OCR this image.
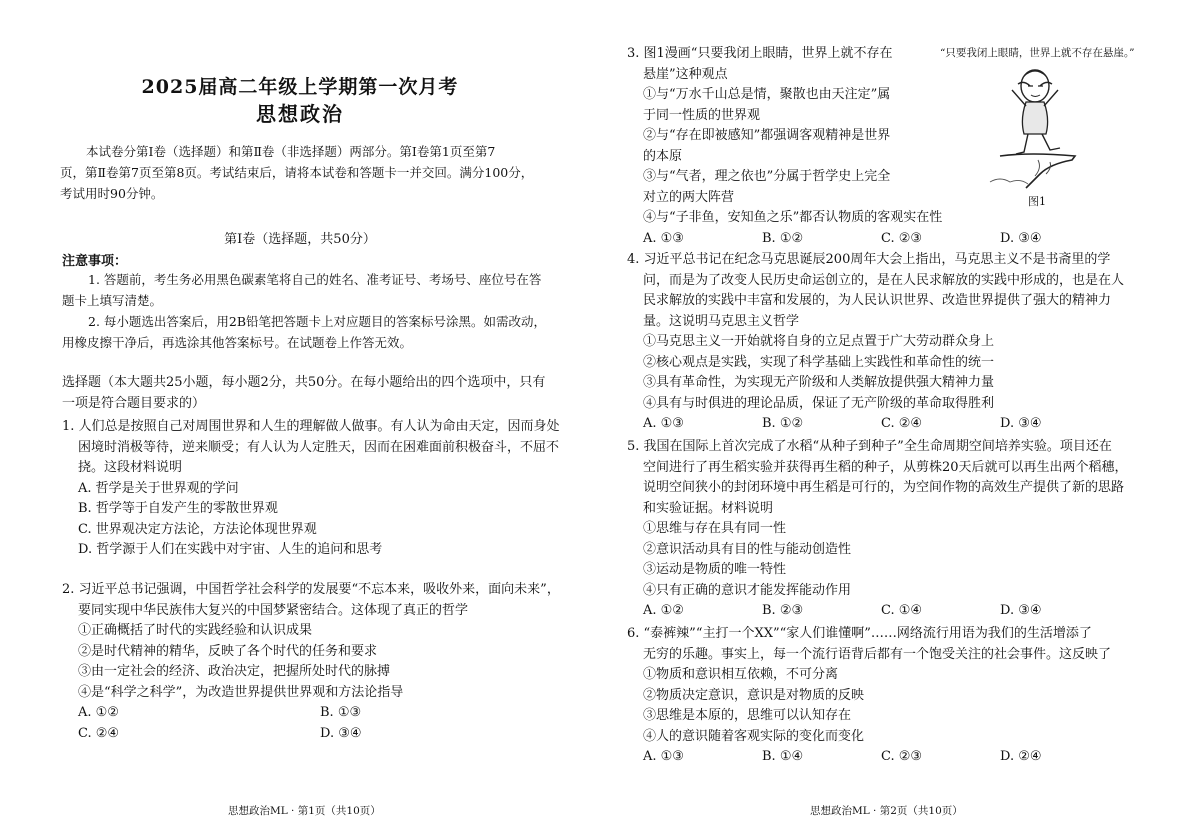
2025届高二年级上学期第一次月考
思想政治
本试卷分第Ⅰ卷（选择题）和第Ⅱ卷（非选择题）两部分。第Ⅰ卷第1页至第7
页，第Ⅱ卷第7页至第8页。考试结束后，请将本试卷和答题卡一并交回。满分100分，
考试用时90分钟。
第Ⅰ卷（选择题，共50分）
注意事项：
1. 答题前，考生务必用黑色碳素笔将自己的姓名、准考证号、考场号、座位号在答
题卡上填写清楚。
2. 每小题选出答案后，用2B铅笔把答题卡上对应题目的答案标号涂黑。如需改动，
用橡皮擦干净后，再选涂其他答案标号。在试题卷上作答无效。
选择题（本大题共25小题，每小题2分，共50分。在每小题给出的四个选项中，只有
一项是符合题目要求的）
1. 人们总是按照自己对周围世界和人生的理解做人做事。有人认为命由天定，因而身处
困境时消极等待，逆来顺受；有人认为人定胜天，因而在困难面前积极奋斗，不屈不
挠。这段材料说明
A. 哲学是关于世界观的学问
B. 哲学等于自发产生的零散世界观
C. 世界观决定方法论，方法论体现世界观
D. 哲学源于人们在实践中对宇宙、人生的追问和思考
2. 习近平总书记强调，中国哲学社会科学的发展要“不忘本来，吸收外来，面向未来”，
要同实现中华民族伟大复兴的中国梦紧密结合。这体现了真正的哲学
①正确概括了时代的实践经验和认识成果
②是时代精神的精华，反映了各个时代的任务和要求
③由一定社会的经济、政治决定，把握所处时代的脉搏
④是“科学之科学”，为改造世界提供世界观和方法论指导
A. ①②	B. ①③
C. ②④	D. ③④
思想政治ML · 第1页（共10页）
3. 图1漫画“只要我闭上眼睛，世界上就不存在
悬崖”这种观点
①与“万水千山总是情，聚散也由天注定”属
于同一性质的世界观
②与“存在即被感知”都强调客观精神是世界
的本原
③与“气者，理之依也”分属于哲学史上完全
对立的两大阵营
④与“子非鱼，安知鱼之乐”都否认物质的客观实在性
A. ①③	B. ①②	C. ②③	D. ③④
“只要我闭上眼睛，世界上就不存在悬崖。”
图1
4. 习近平总书记在纪念马克思诞辰200周年大会上指出，马克思主义不是书斋里的学
问，而是为了改变人民历史命运创立的，是在人民求解放的实践中形成的，也是在人
民求解放的实践中丰富和发展的，为人民认识世界、改造世界提供了强大的精神力
量。这说明马克思主义哲学
①马克思主义一开始就将自身的立足点置于广大劳动群众身上
②核心观点是实践，实现了科学基础上实践性和革命性的统一
③具有革命性，为实现无产阶级和人类解放提供强大精神力量
④具有与时俱进的理论品质，保证了无产阶级的革命取得胜利
A. ①③	B. ①②	C. ②④	D. ③④
5. 我国在国际上首次完成了水稻“从种子到种子”全生命周期空间培养实验。项目还在
空间进行了再生稻实验并获得再生稻的种子，从剪株20天后就可以再生出两个稻穗，
说明空间狭小的封闭环境中再生稻是可行的，为空间作物的高效生产提供了新的思路
和实验证据。材料说明
①思维与存在具有同一性
②意识活动具有目的性与能动创造性
③运动是物质的唯一特性
④只有正确的意识才能发挥能动作用
A. ①②	B. ②③	C. ①④	D. ③④
6. “泰裤辣”“主打一个XX”“家人们谁懂啊”……网络流行用语为我们的生活增添了
无穷的乐趣。事实上，每一个流行语背后都有一个饱受关注的社会事件。这反映了
①物质和意识相互依赖，不可分离
②物质决定意识，意识是对物质的反映
③思维是本原的，思维可以认知存在
④人的意识随着客观实际的变化而变化
A. ①③	B. ①④	C. ②③	D. ②④
思想政治ML · 第2页（共10页）
